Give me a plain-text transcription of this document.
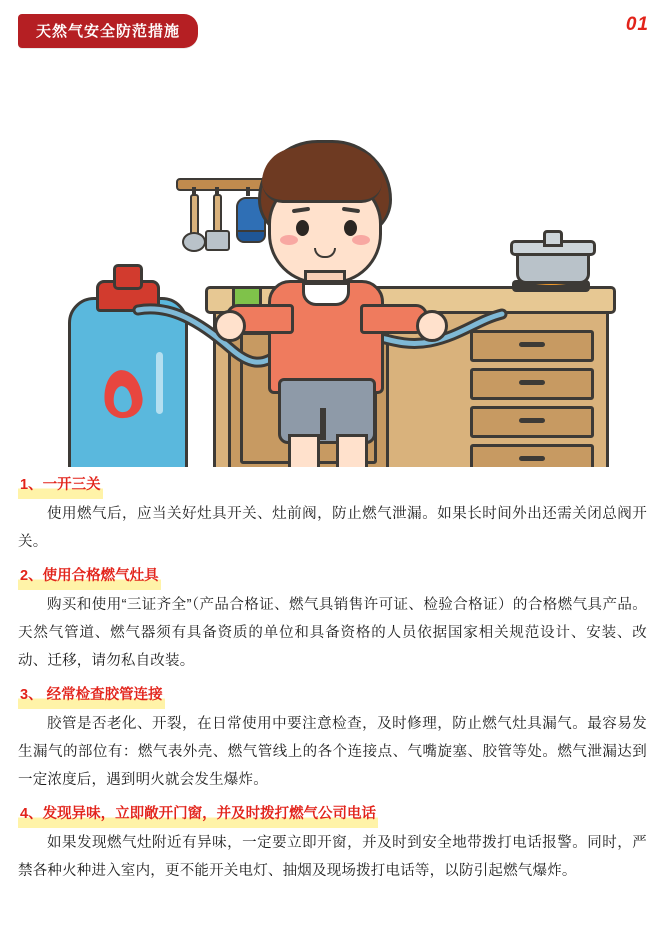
天然气安全防范措施	01
1、一开三关

使用燃气后，应当关好灶具开关、灶前阀，防止燃气泄漏。如果长时间外出还需关闭总阀开关。

2、使用合格燃气灶具

购买和使用“三证齐全”（产品合格证、燃气具销售许可证、检验合格证）的合格燃气具产品。天然气管道、燃气器须有具备资质的单位和具备资格的人员依据国家相关规范设计、安装、改动、迁移，请勿私自改装。

3、 经常检查胶管连接

胶管是否老化、开裂，在日常使用中要注意检查，及时修理，防止燃气灶具漏气。最容易发生漏气的部位有：燃气表外壳、燃气管线上的各个连接点、气嘴旋塞、胶管等处。燃气泄漏达到一定浓度后，遇到明火就会发生爆炸。

4、发现异味，立即敞开门窗，并及时拨打燃气公司电话

如果发现燃气灶附近有异味，一定要立即开窗，并及时到安全地带拨打电话报警。同时，严禁各种火种进入室内，更不能开关电灯、抽烟及现场拨打电话等，以防引起燃气爆炸。
